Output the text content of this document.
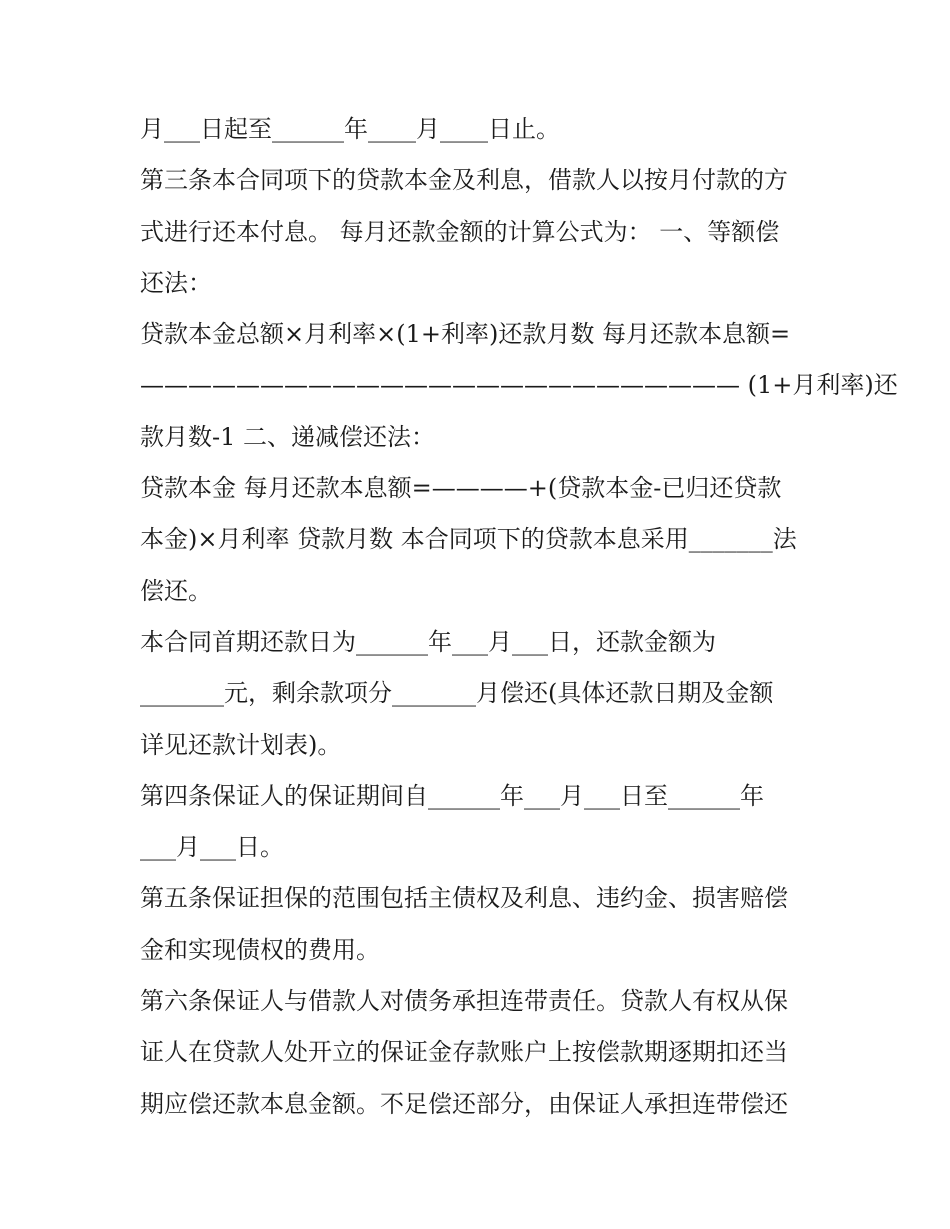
月___日起至______年____月____日止。
第三条本合同项下的贷款本金及利息，借款人以按月付款的方
式进行还本付息。 每月还款金额的计算公式为： 一、等额偿
还法：
贷款本金总额×月利率×(1+利率)还款月数 每月还款本息额=
————————————————————————— (1+月利率)还
款月数-1 二、递减偿还法：
贷款本金 每月还款本息额=————+(贷款本金-已归还贷款
本金)×月利率 贷款月数 本合同项下的贷款本息采用_______法
偿还。
本合同首期还款日为______年___月___日，还款金额为
_______元，剩余款项分_______月偿还(具体还款日期及金额
详见还款计划表)。
第四条保证人的保证期间自______年___月___日至______年
___月___日。
第五条保证担保的范围包括主债权及利息、违约金、损害赔偿
金和实现债权的费用。
第六条保证人与借款人对债务承担连带责任。贷款人有权从保
证人在贷款人处开立的保证金存款账户上按偿款期逐期扣还当
期应偿还款本息金额。不足偿还部分，由保证人承担连带偿还
